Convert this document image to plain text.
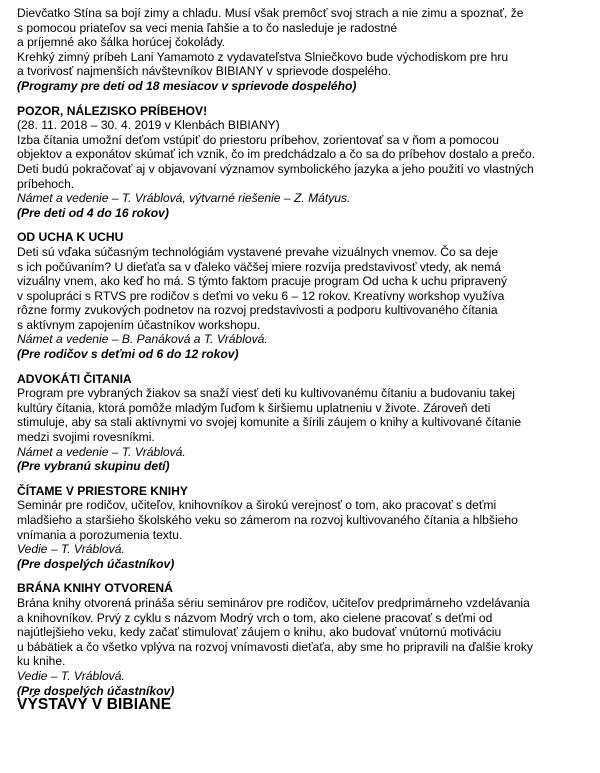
Dievčatko Stína sa bojí zimy a chladu. Musí však premôcť svoj strach a nie zimu a spoznať, že
s pomocou priateľov sa veci menia ľahšie a to čo nasleduje je radostné
a príjemné ako šálka horúcej čokolády.
Krehký zimný príbeh Lani Yamamoto z vydavateľstva Slniečkovo bude východiskom pre hru
a tvorivosť najmenších návštevníkov BIBIANY v sprievode dospelého.

(Programy pre deti od 18 mesiacov v sprievode dospelého)

POZOR, NÁLEZISKO PRÍBEHOV!

(28. 11. 2018 – 30. 4. 2019 v Klenbách BIBIANY)
Izba čítania umožní deťom vstúpiť do priestoru príbehov, zorientovať sa v ňom a pomocou
objektov a exponátov skúmať ich vznik, čo im predchádzalo a čo sa do príbehov dostalo a prečo.
Deti budú pokračovať aj v objavovaní významov symbolického jazyka a jeho použití vo vlastných
príbehoch.

Námet a vedenie – T. Vráblová, výtvarné riešenie – Z. Mátyus.

(Pre deti od 4 do 16 rokov)

OD UCHA K UCHU

Deti sú vďaka súčasným technológiám vystavené prevahe vizuálnych vnemov. Čo sa deje
s ich počúvaním? U dieťaťa sa v ďaleko väčšej miere rozvíja predstavivosť vtedy, ak nemá
vizuálny vnem, ako keď ho má. S týmto faktom pracuje program Od ucha k uchu pripravený
v spolupráci s RTVS pre rodičov s deťmi vo veku 6 – 12 rokov. Kreatívny workshop využíva
rôzne formy zvukových podnetov na rozvoj predstavivosti a podporu kultivovaného čítania
s aktívnym zapojením účastníkov workshopu.

Námet a vedenie – B. Panáková a T. Vráblová.

(Pre rodičov s deťmi od 6 do 12 rokov)

ADVOKÁTI ČITANIA

Program pre vybraných žiakov sa snaží viesť deti ku kultivovanému čítaniu a budovaniu takej
kultúry čítania, ktorá pomôže mladým ľuďom k širšiemu uplatneniu v živote. Zároveň deti
stimuluje, aby sa stali aktívnymi vo svojej komunite a šírili záujem o knihy a kultivované čítanie
medzi svojimi rovesníkmi.

Námet a vedenie – T. Vráblová.

(Pre vybranú skupinu detí)

ČÍTAME V PRIESTORE KNIHY

Seminár pre rodičov, učiteľov, knihovníkov a širokú verejnosť o tom, ako pracovať s deťmi
mladšieho a staršieho školského veku so zámerom na rozvoj kultivovaného čítania a hlbšieho
vnímania a porozumenia textu.

Vedie – T. Vráblová.

(Pre dospelých účastníkov)

BRÁNA KNIHY OTVORENÁ

Brána knihy otvorená prináša sériu seminárov pre rodičov, učiteľov predprimárneho vzdelávania
a knihovníkov. Prvý z cyklu s názvom Modrý vrch o tom, ako cielene pracovať s deťmi od
najútlejšieho veku, kedy začať stimulovať záujem o knihu, ako budovať vnútornú motiváciu
u bábätiek a čo všetko vplýva na rozvoj vnímavosti dieťaťa, aby sme ho pripravili na ďalšie kroky
ku knihe.

Vedie – T. Vráblová.

(Pre dospelých účastníkov)

VÝSTAVY V BIBIANE
